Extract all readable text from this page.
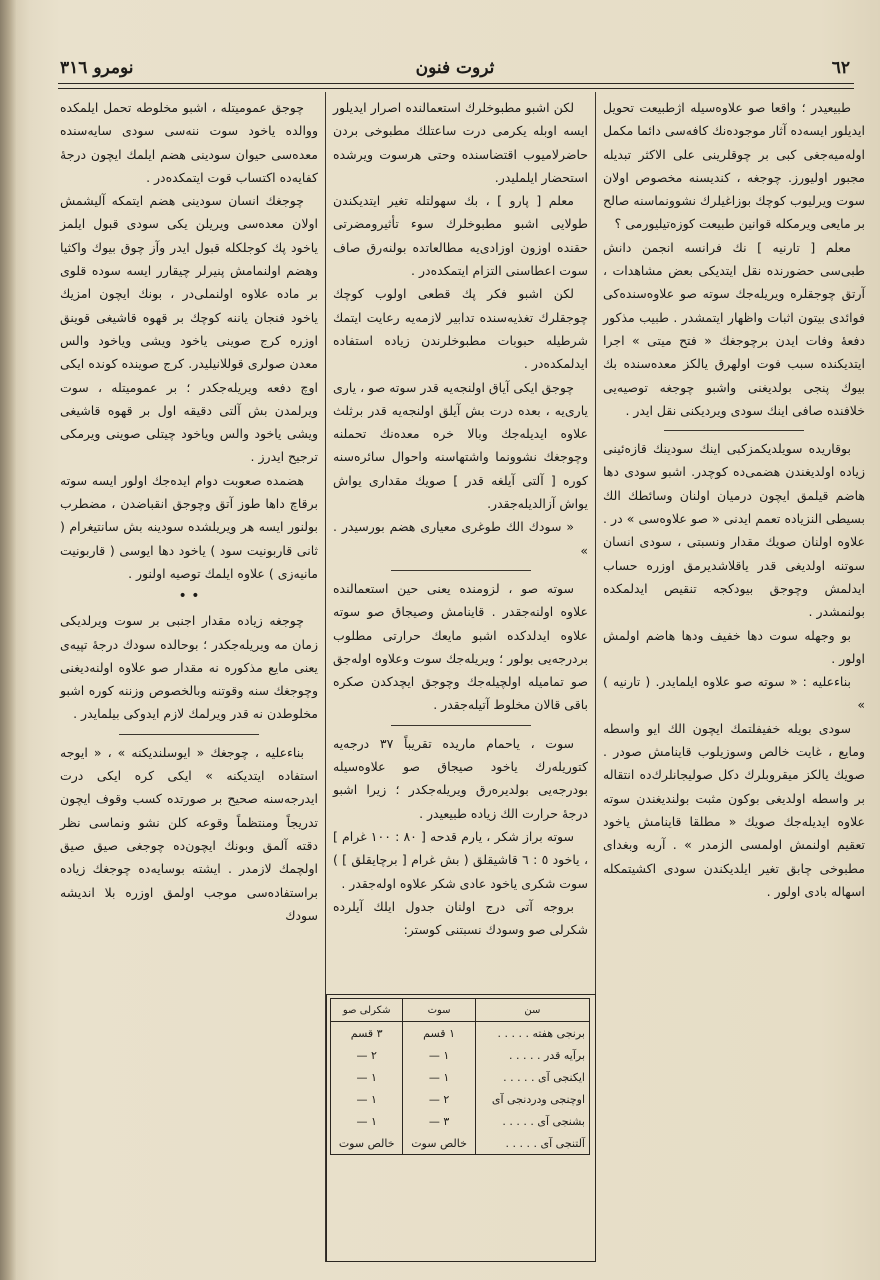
٦٢
ثروت فنون
نومرو ٣١٦

طبیعیدر ؛ واقعا صو علاوه‌سیله اژطبیعت تحویل ایدیلور ایسه‌ده آثار موجوده‌نك كافه‌سی دائما مكمل اوله‌میه‌جغی كبی بر چوقلرینی علی الاكثر تبدیله مجبور اولیورز. چوجغه ، كندیسنه مخصوص اولان سوت ویرلیوب كوچك بوزاغیلرك نشوونماسنه صالح بر مایعی ویرمكله قوانین طبیعت كوزه‌تیلیورمی ؟

معلم [ تارنیه ] نك فرانسه انجمن دانش طبی‌سی حضورنده نقل ایتدیكی بعض مشاهدات ، آرتق چوجقلره ویریله‌جك سوته صو علاوه‌سنده‌كی فوائدی بیتون اثبات واظهار ایتمشدر . طبیب مذكور دفعهٔ وفات ایدن برچوجغك « فتح میتی » اجرا ایتدیكنده سبب فوت اولهرق یالكز معده‌سنده بك بیوك پنجی بولدیغنی واشبو چوجغه توصیه‌یی خلافنده صافی اینك سودی ویردیكنی نقل ایدر .

بوقاریده سویلدیكمزكبی اینك سودینك قازه‌ئینی زیاده اولدیغندن هضمی‌ده كوچدر. اشبو سودی دها هاضم قیلمق ایچون درمیان اولنان وسائطك الك بسیطی النزیاده تعمم ایدنی « صو علاوه‌سی » در . علاوه اولنان صویك مقدار ونسبتی ، سودی انسان سوتنه اولدیغی قدر یاقلاشدیرمق اوزره حساب ایدلمش وچوجق بیودكجه تنقیص ایدلمكده بولنمشدر .

بو وجهله سوت دها خفیف ودها هاضم اولمش اولور .

بناءعلیه : « سوته صو علاوه ایلمایدر. ( تارنیه ) »

سودی بویله خفیفلتمك ایچون الك ایو واسطه ومایع ، غایت خالص وسوزیلوب قاینامش صودر . صویك یالكز میقروبلرك دكل صولیجانلرك‌ده انتقاله بر واسطه اولدیغی بوكون مثبت بولندیغندن سوته علاوه ایدیله‌جك صویك « مطلقا قاینامش یاخود تعقیم اولنمش اولمسی الزمدر » . آربه وبغدای مطبوخی چابق تغیر ایلدیكندن سودی اكشیتمكله اسهاله بادی اولور .

لكن اشبو مطبوخلرك استعمالنده اصرار ایدیلور ایسه اوبله یكرمی درت ساعتلك مطبوخی بردن حاضرلامیوب اقتضاسنده وحتی هرسوت ویرشده استحضار ایلملیدر.

معلم [ پارو ] ، بك سهولتله تغیر ایتدیكندن طولایی اشبو مطبوخلرك سوء تأثیرومضرتی حقنده اوزون اوزادی‌یه مطالعاتده بولنه‌رق صاف سوت اعطاسنی التزام ایتمكده‌در .

لكن اشبو فكر پك قطعی اولوب كوچك چوجقلرك تغذیه‌سنده تدابیر لازمه‌یه رعایت ایتمك شرطیله حبوبات مطبوخلرندن زیاده استفاده ایدلمكده‌در .

چوجق ایكی آیاق اولنجه‌یه قدر سوته صو ، یاری یاری‌یه ، بعده درت بش آیلق اولنجه‌یه قدر برثلث علاوه ایدیله‌جك وبالا خره معده‌نك تحملنه وچوجغك نشوونما واشتهاسنه واحوال سائره‌سنه كوره [ آلتی آیلغه قدر ] صویك مقداری یواش یواش آزالدیله‌جقدر.

« سودك الك طوغری معیاری هضم بورسیدر . »

سوته صو ، لزومنده یعنی حین استعمالنده علاوه اولنه‌جقدر . قاینامش وصیجاق صو سوته علاوه ایدلدكده اشبو مایعك حرارتی مطلوب بردرجه‌یی بولور ؛ ویریله‌جك سوت وعلاوه اوله‌جق صو تمامیله اولچیله‌جك وچوجق ایچدكدن صكره باقی قالان مخلوط آتیله‌جقدر .

سوت ، یاحمام ماریده تقریباً ٣٧ درجه‌یه كتوریله‌رك یاخود صیجاق صو علاوه‌سیله بودرجه‌یی بولدیره‌رق ویریله‌جكدر ؛ زیرا اشبو درجهٔ حرارت الك زیاده طبیعیدر .

سوته براز شكر ، یارم قدحه [ ٨٠ : ١٠٠ غرام ] ، یاخود ٥ : ٦ قاشیقلق ( بش غرام [ برچایقلق ] ) سوت شكری یاخود عادی شكر علاوه اوله‌جقدر .

بروجه آتی درج اولنان جدول ایلك آیلرده شكرلی صو وسودك نسبتنی كوستر:

چوجق عمومیتله ، اشبو مخلوطه تحمل ایلمكده ووالده یاخود سوت ننه‌سی سودی سایه‌سنده معده‌سی حیوان سودینی هضم ایلمك ایچون درجهٔ كفایه‌ده اكتساب قوت ایتمكده‌در .

چوجغك انسان سودینی هضم ایتمكه آلیشمش اولان معده‌سی ویریلن یكی سودی قبول ایلمز یاخود پك كوجلكله قبول ایدر وآز چوق بیوك واكثیا وهضم اولنمامش پنیرلر چیقارر ایسه سوده قلوی بر ماده علاوه اولنملی‌در ، بونك ایچون امزیك یاخود فنجان یاننه كوچك بر قهوه قاشیغی قوینق اوزره كرج صوینی یاخود ویشی ویاخود والس معدن صولری قوللانیلیدر. كرج صوینده كونده ایكی اوچ دفعه ویریله‌جكدر ؛ بر عمومیتله ، سوت ویرلمدن بش آلتی دقیقه اول بر قهوه قاشیغی ویشی یاخود والس ویاخود چیتلی صوینی ویرمكی ترجیح ایدرز .

هضمده صعوبت دوام ایده‌جك اولور ایسه سوته برقاچ داها طوز آتق وچوجق انقباضدن ، مضطرب بولنور ایسه هر ویریلشده سودینه بش سانتیغرام ( ثانی قاربونیت سود ) یاخود دها ایوسی ( قاربونیت مانیه‌زی ) علاوه ایلمك توصیه اولنور .

• •

چوجغه زیاده مقدار اجنبی بر سوت ویرلدیكی زمان مه ویریله‌جكدر ؛ بوحالده سودك درجهٔ تپیه‌ی یعنی مایع مذكوره نه مقدار صو علاوه اولنه‌دیغنی وچوجغك سنه وقوتنه وبالخصوص وزننه كوره اشبو مخلوطدن نه قدر ویرلمك لازم ایدوكی بیلمایدر .

بناءعلیه ، چوجغك « ایوسلندیكنه » ، « ایوجه استفاده ایتدیكنه » ایكی كره ایكی درت ایدرجه‌سنه صحیح بر صورتده كسب وقوف ایچون تدریجاً ومنتظماً وقوعه كلن نشو ونماسی نظر دقته آلمق وبونك ایچون‌ده چوجغی صیق صیق اولچمك لازمدر . ایشته بوسایه‌ده چوجغك زیاده براستفاده‌سی موجب اولمق اوزره بلا اندیشه سودك

سن	سوت	شكرلی صو
برنجی هفته . . . . .	١ قسم	٣ قسم
برآیه قدر . . . . .	١ —	٢ —
ایكنجی آی . . . . .	١ —	١ —
اوچنجی ودردنجی آی	٢ —	١ —
بشنجی آی . . . . .	٣ —	١ —
آلتنجی آی . . . . .	خالص سوت	خالص سوت
